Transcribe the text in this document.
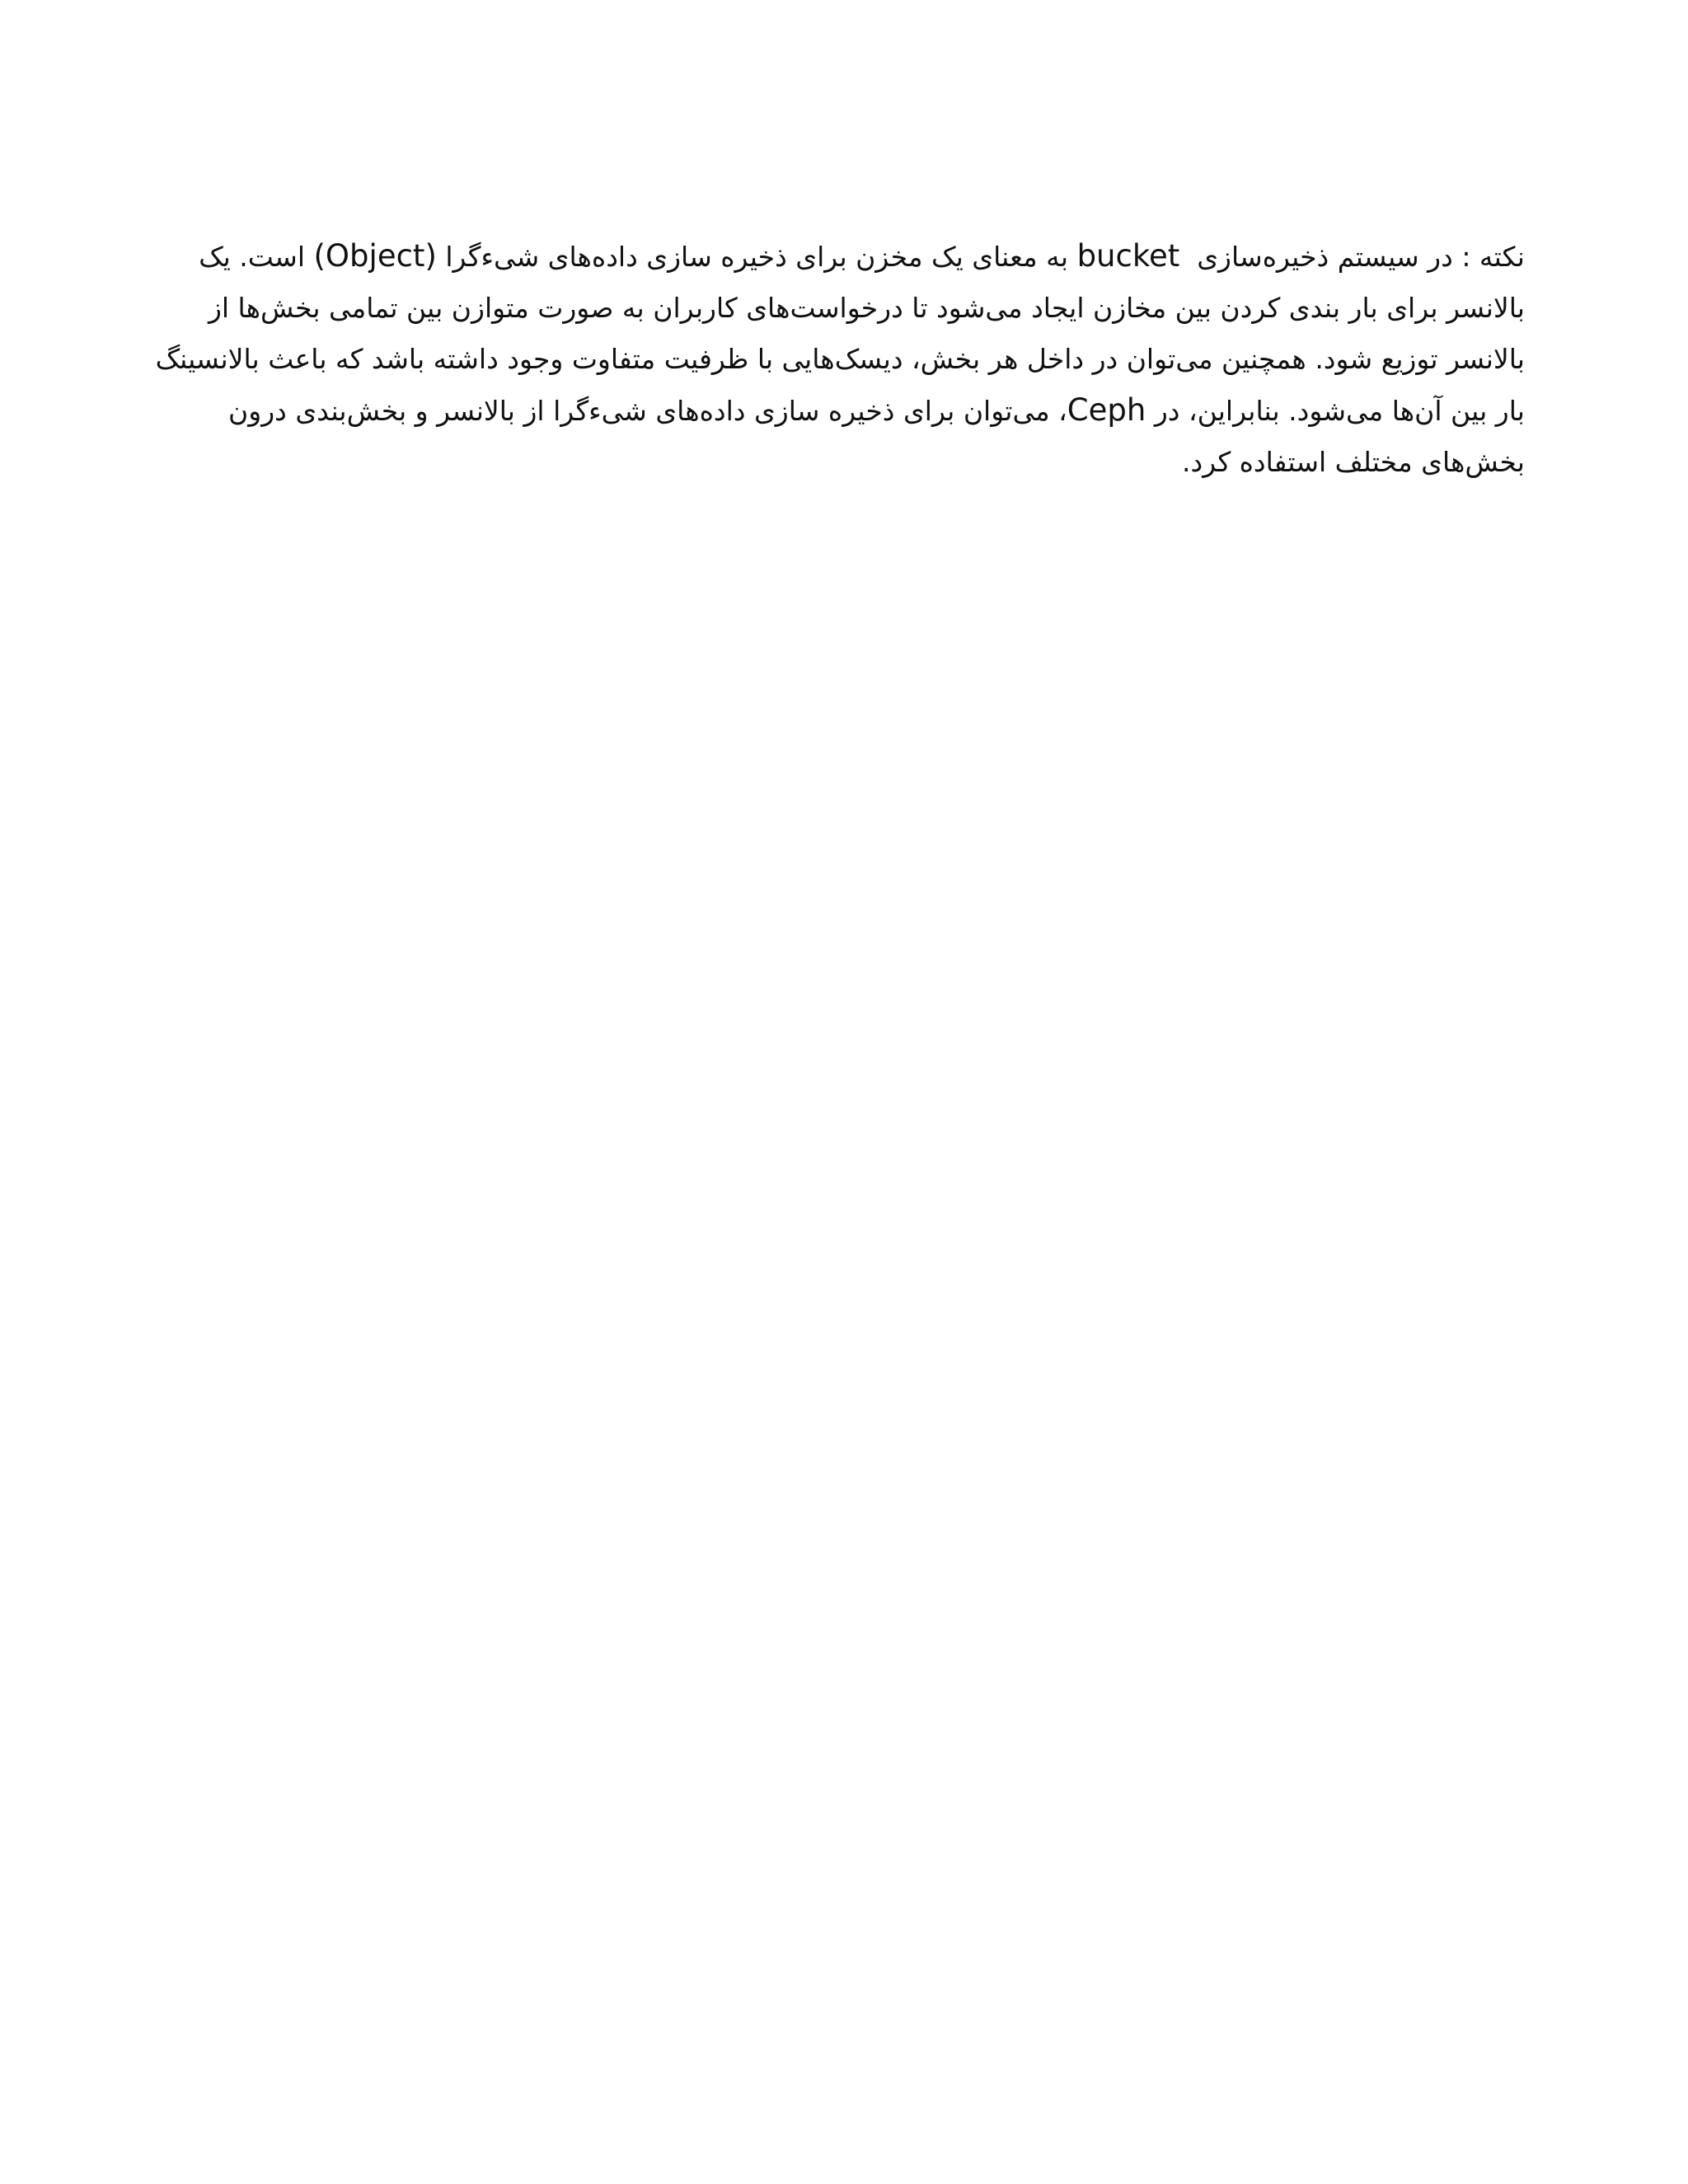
نکته : در سیستم ذخیره‌سازی  bucket به معنای یک مخزن برای ذخیره سازی داده‌های شیءگرا (Object) است. یک بالانسر برای بار بندی کردن بین مخازن ایجاد می‌شود تا درخواست‌های کاربران به صورت متوازن بین تمامی بخش‌ها از بالانسر توزیع شود. همچنین می‌توان در داخل هر بخش، دیسک‌هایی با ظرفیت متفاوت وجود داشته باشد که باعث بالانسینگ بار بین آن‌ها می‌شود. بنابراین، در Ceph، می‌توان برای ذخیره سازی داده‌های شیءگرا از بالانسر و بخش‌بندی درون بخش‌های مختلف استفاده کرد.
